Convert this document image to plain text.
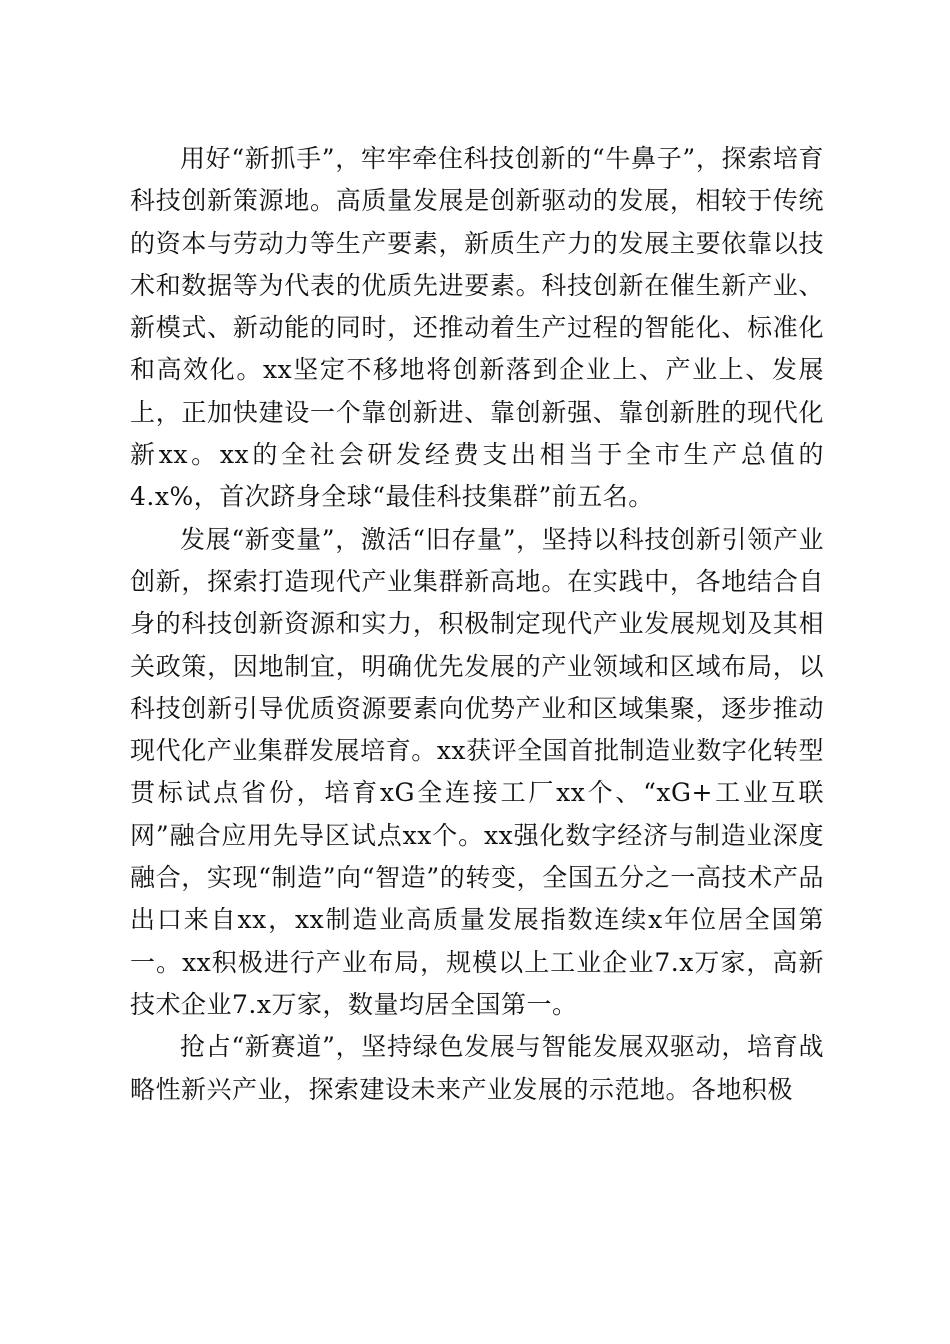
用好“新抓手”，牢牢牵住科技创新的“牛鼻子”，探索培育科技创新策源地。高质量发展是创新驱动的发展，相较于传统的资本与劳动力等生产要素，新质生产力的发展主要依靠以技术和数据等为代表的优质先进要素。科技创新在催生新产业、新模式、新动能的同时，还推动着生产过程的智能化、标准化和高效化。xx坚定不移地将创新落到企业上、产业上、发展上，正加快建设一个靠创新进、靠创新强、靠创新胜的现代化新xx。xx的全社会研发经费支出相当于全市生产总值的4.x%，首次跻身全球“最佳科技集群”前五名。

发展“新变量”，激活“旧存量”，坚持以科技创新引领产业创新，探索打造现代产业集群新高地。在实践中，各地结合自身的科技创新资源和实力，积极制定现代产业发展规划及其相关政策，因地制宜，明确优先发展的产业领域和区域布局，以科技创新引导优质资源要素向优势产业和区域集聚，逐步推动现代化产业集群发展培育。xx获评全国首批制造业数字化转型贯标试点省份，培育xG全连接工厂xx个、“xG+工业互联网”融合应用先导区试点xx个。xx强化数字经济与制造业深度融合，实现“制造”向“智造”的转变，全国五分之一高技术产品出口来自xx，xx制造业高质量发展指数连续x年位居全国第一。xx积极进行产业布局，规模以上工业企业7.x万家，高新技术企业7.x万家，数量均居全国第一。

抢占“新赛道”，坚持绿色发展与智能发展双驱动，培育战略性新兴产业，探索建设未来产业发展的示范地。各地积极
